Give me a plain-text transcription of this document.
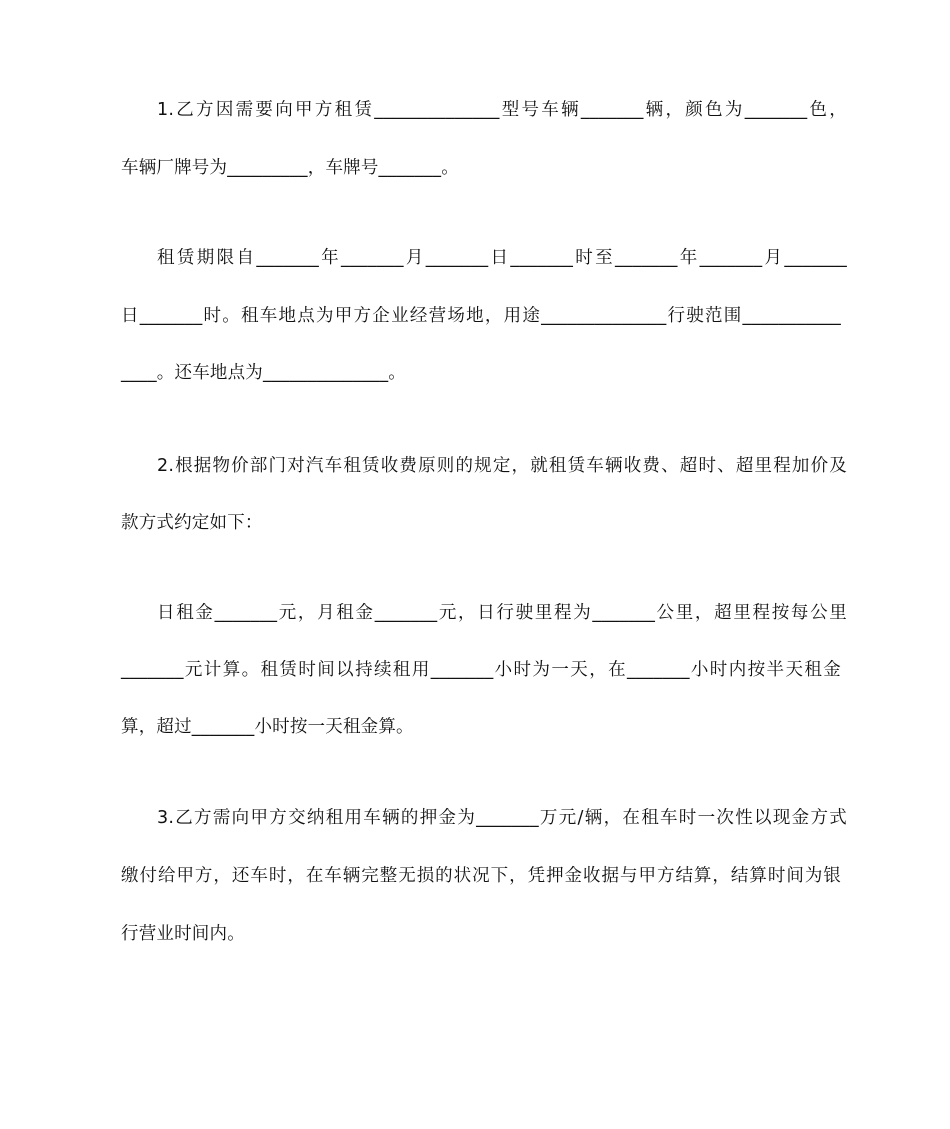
1.乙方因需要向甲方租赁______________型号车辆_______辆，颜色为_______色，
车辆厂牌号为_________，车牌号_______。
租赁期限自_______年_______月_______日_______时至_______年_______月_______
日_______时。租车地点为甲方企业经营场地，用途______________行驶范围___________
____。还车地点为______________。
2.根据物价部门对汽车租赁收费原则的规定，就租赁车辆收费、超时、超里程加价及
款方式约定如下：
日租金_______元，月租金_______元，日行驶里程为_______公里，超里程按每公里
_______元计算。租赁时间以持续租用_______小时为一天，在_______小时内按半天租金
算，超过_______小时按一天租金算。
3.乙方需向甲方交纳租用车辆的押金为_______万元/辆，在租车时一次性以现金方式
缴付给甲方，还车时，在车辆完整无损的状况下，凭押金收据与甲方结算，结算时间为银
行营业时间内。
